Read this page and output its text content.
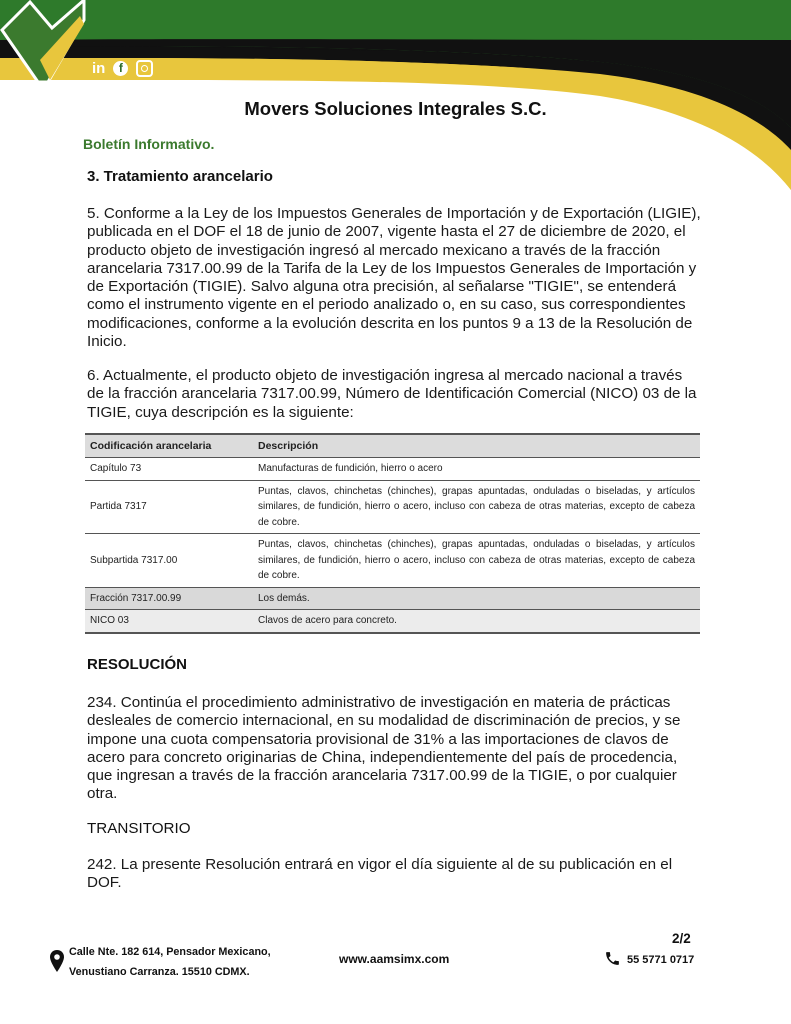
in	f
Movers Soluciones Integrales S.C.
Boletín Informativo.
3. Tratamiento arancelario
5. Conforme a la Ley de los Impuestos Generales de Importación y de Exportación (LIGIE), publicada en el DOF el 18 de junio de 2007, vigente hasta el 27 de diciembre de 2020, el producto objeto de investigación ingresó al mercado mexicano a través de la fracción arancelaria 7317.00.99 de la Tarifa de la Ley de los Impuestos Generales de Importación y de Exportación (TIGIE). Salvo alguna otra precisión, al señalarse "TIGIE", se entenderá como el instrumento vigente en el periodo analizado o, en su caso, sus correspondientes modificaciones, conforme a la evolución descrita en los puntos 9 a 13 de la Resolución de Inicio.
6. Actualmente, el producto objeto de investigación ingresa al mercado nacional a través de la fracción arancelaria 7317.00.99, Número de Identificación Comercial (NICO) 03 de la TIGIE, cuya descripción es la siguiente:
Codificación arancelaria	Descripción
Capítulo 73	Manufacturas de fundición, hierro o acero
Partida 7317	Puntas, clavos, chinchetas (chinches), grapas apuntadas, onduladas o biseladas, y artículos similares, de fundición, hierro o acero, incluso con cabeza de otras materias, excepto de cabeza de cobre.
Subpartida 7317.00	Puntas, clavos, chinchetas (chinches), grapas apuntadas, onduladas o biseladas, y artículos similares, de fundición, hierro o acero, incluso con cabeza de otras materias, excepto de cabeza de cobre.
Fracción 7317.00.99	Los demás.
NICO 03	Clavos de acero para concreto.
RESOLUCIÓN
234. Continúa el procedimiento administrativo de investigación en materia de prácticas desleales de comercio internacional, en su modalidad de discriminación de precios, y se impone una cuota compensatoria provisional de 31% a las importaciones de clavos de acero para concreto originarias de China, independientemente del país de procedencia, que ingresan a través de la fracción arancelaria 7317.00.99 de la TIGIE, o por cualquier otra.
TRANSITORIO
242. La presente Resolución entrará en vigor el día siguiente al de su publicación en el DOF.
2/2
Calle Nte. 182 614, Pensador Mexicano,
Venustiano Carranza. 15510 CDMX.
www.aamsimx.com	55 5771 0717
